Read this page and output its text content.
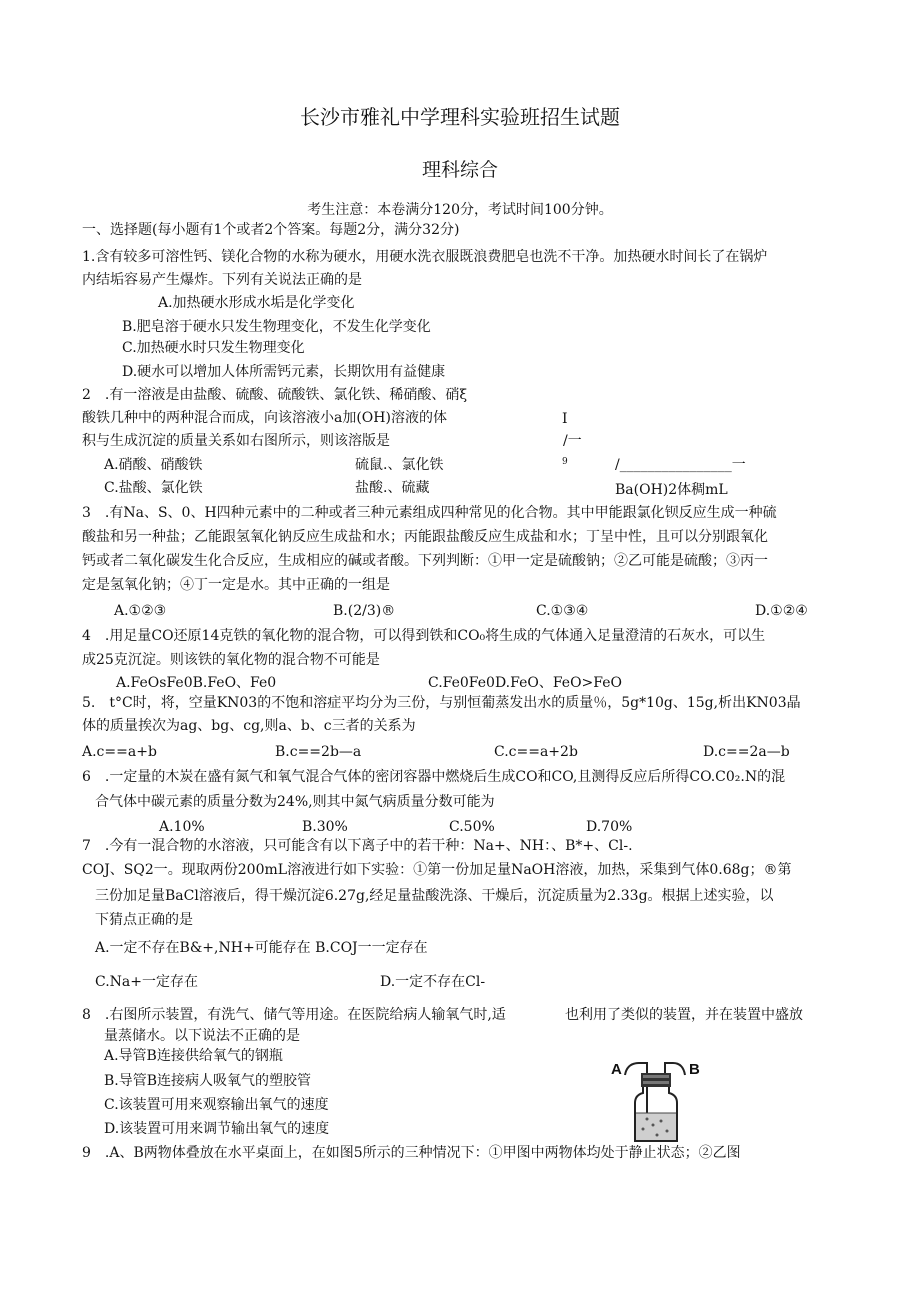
长沙市雅礼中学理科实验班招生试题
理科综合
考生注意：本卷满分120分，考试时间100分钟。
一、选择题(每小题有1个或者2个答案。每题2分，满分32分)
1.含有较多可溶性钙、镁化合物的水称为硬水，用硬水洗衣服既浪费肥皂也洗不干净。加热硬水时间长了在锅炉
内结垢容易产生爆炸。下列有关说法正确的是
A.加热硬水形成水垢是化学变化
B.肥皂溶于硬水只发生物理变化，不发生化学变化
C.加热硬水时只发生物理变化
D.硬水可以增加人体所需钙元素，长期饮用有益健康
2　.有一溶液是由盐酸、硫酸、硫酸铁、氯化铁、稀硝酸、硝ξ
酸铁几种中的两种混合而成，向该溶液小a加(OH)溶液的体
积与生成沉淀的质量关系如右图所示，则该溶版是
A.硝酸、硝酸铁	硫鼠.、氯化铁
C.盐酸、氯化铁	盐酸.、硫藏
I
/一
9	/________________一
Ba(OH)2体稠mL
3　.有Na、S、0、H四种元素中的二种或者三种元素组成四种常见的化合物。其中甲能跟氯化钡反应生成一种硫
酸盐和另一种盐；乙能跟氢氧化钠反应生成盐和水；丙能跟盐酸反应生成盐和水；丁呈中性，且可以分别跟氧化
钙或者二氧化碳发生化合反应，生成相应的碱或者酸。下列判断：①甲一定是硫酸钠；②乙可能是硫酸；③丙一
定是氢氧化钠；④丁一定是水。其中正确的一组是
A.①②③	B.(2/3)®	C.①③④	D.①②④
4　.用足量CO还原14克铁的氧化物的混合物，可以得到铁和CO₀将生成的气体通入足量澄清的石灰水，可以生
成25克沉淀。则该铁的氧化物的混合物不可能是
A.FeOsFe0B.FeO、Fe0	C.Fe0Fe0D.FeO、FeO>FeO
5.　t°C时，将，空量KN03的不饱和溶症平均分为三份，与别恒葡蒸发出水的质量％，5g*10g、15g,析出KN03晶
体的质量挨次为ag、bg、cg,则a、b、c三者的关系为
A.c==a+b	B.c==2b—a	C.c==a+2b	D.c==2a—b
6　.一定量的木炭在盛有氮气和氧气混合气体的密闭容器中燃烧后生成CO和CO,且测得反应后所得CO.C0₂.N的混
合气体中碳元素的质量分数为24%,则其中氮气病质量分数可能为
A.10%	B.30%	C.50%	D.70%
7　.今有一混合物的水溶液，只可能含有以下离子中的若干种：Na+、NH：、B*+、Cl-.
COJ、SQ2一。现取两份200mL溶液进行如下实验：①第一份加足量NaOH溶液，加热，采集到气体0.68g；®第
三份加足量BaCl溶液后，得干燥沉淀6.27g,经足量盐酸洗涤、干燥后，沉淀质量为2.33g。根据上述实验，以
下猜点正确的是
A.一定不存在B&+,NH+可能存在 B.COJ一一定存在
C.Na+一定存在	D.一定不存在Cl-
8　.右图所示装置，有洗气、储气等用途。在医院给病人输氧气时,适	也利用了类似的装置，并在装置中盛放
量蒸储水。以下说法不正确的是
A.导管B连接供给氧气的钢瓶
B.导管B连接病人吸氧气的塑胶管
C.该装置可用来观察输出氧气的速度
D.该装置可用来调节输出氧气的速度
A	B
9　.A、B两物体叠放在水平桌面上，在如图5所示的三种情况下：①甲图中两物体均处于静止状态；②乙图
